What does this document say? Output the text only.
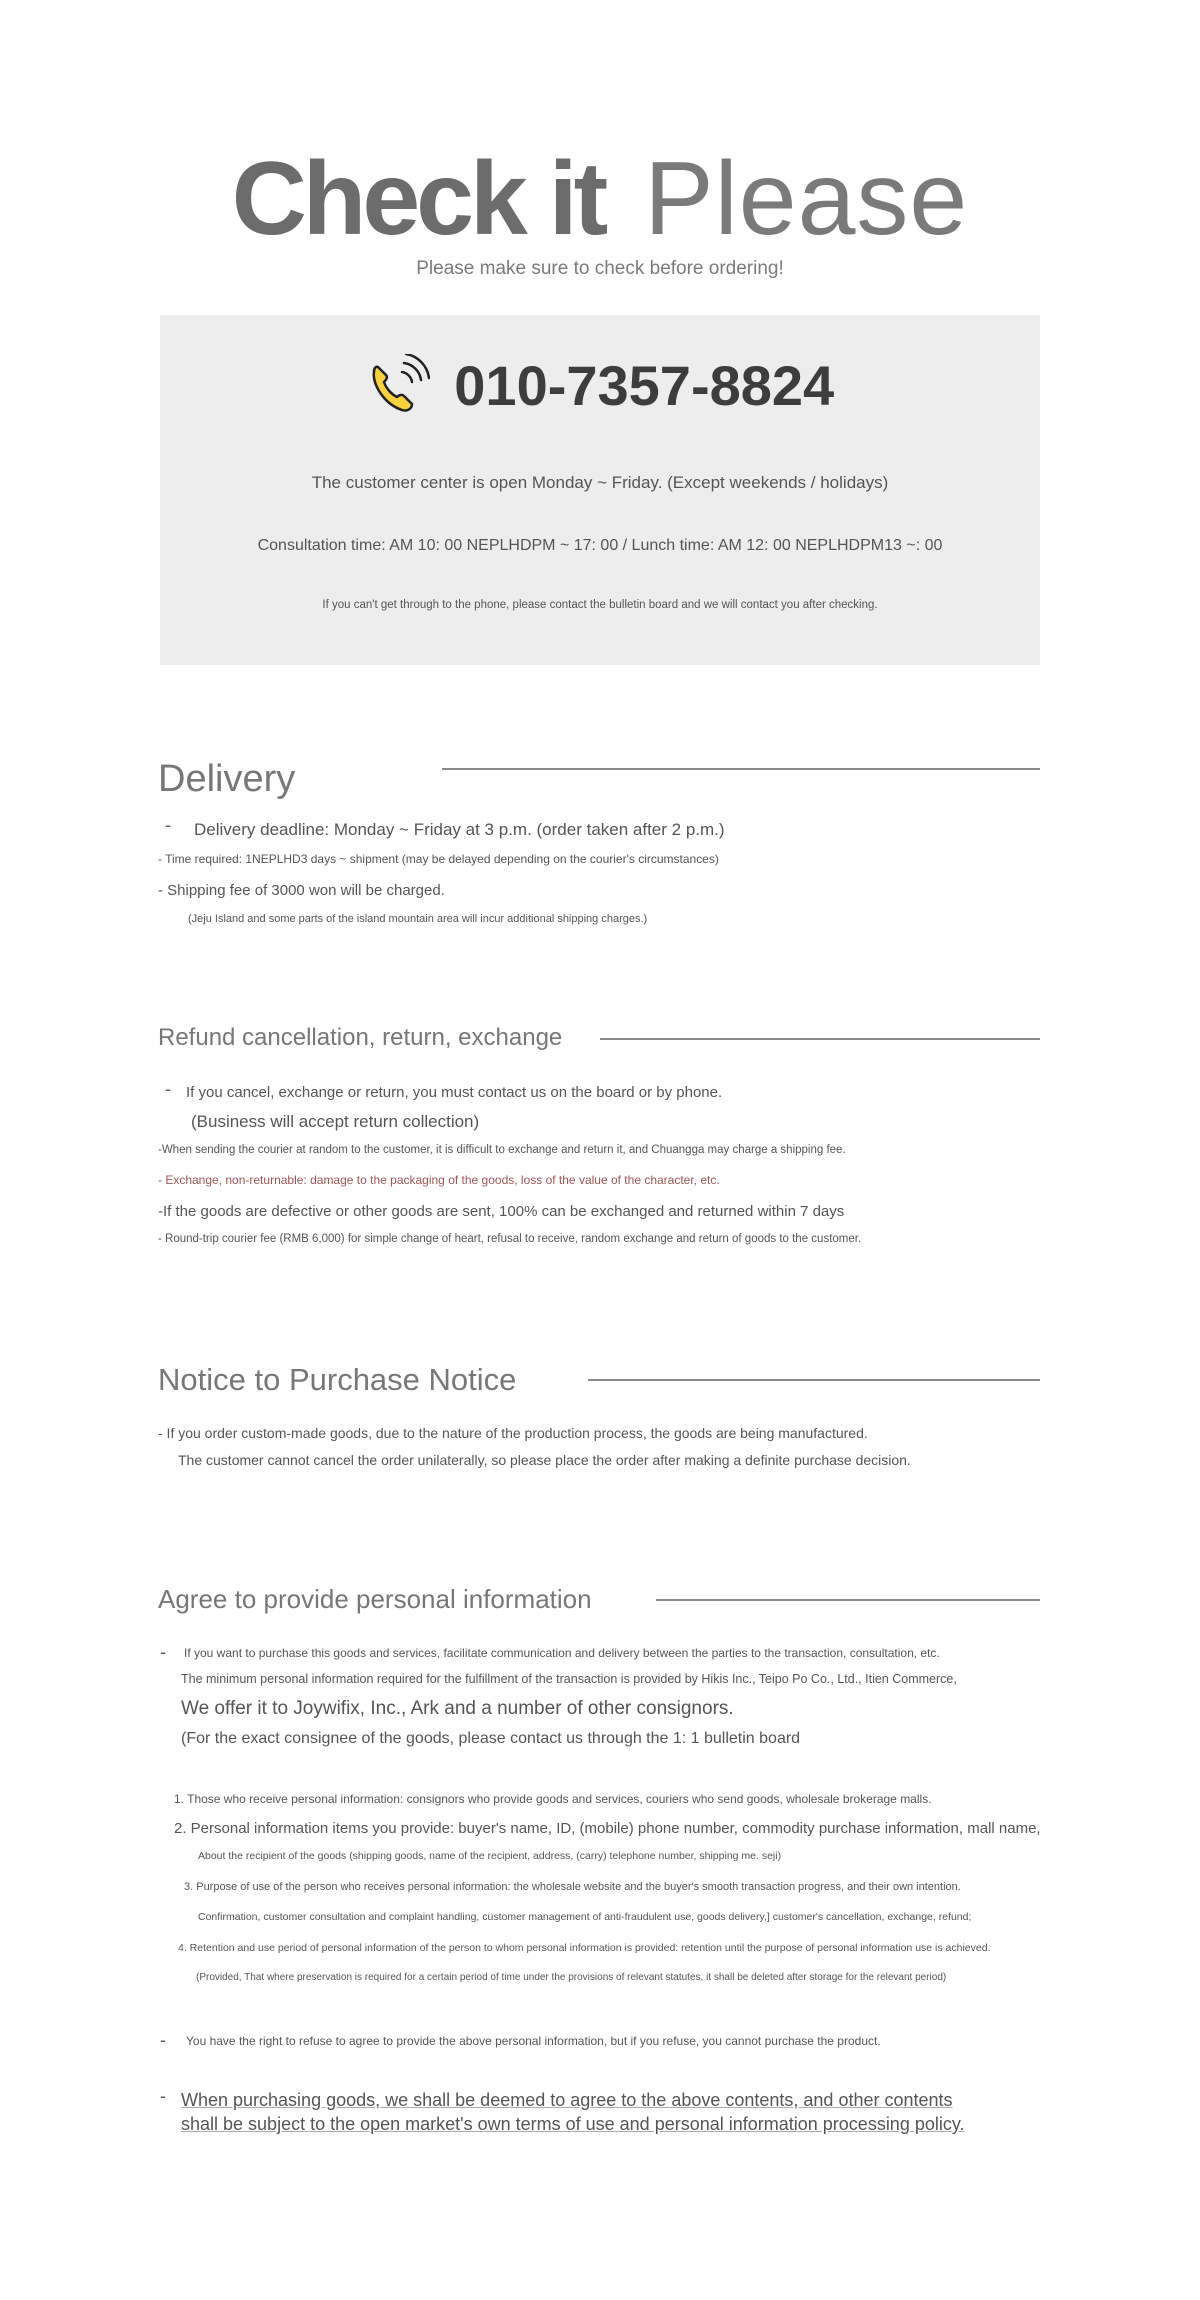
Check it Please
Please make sure to check before ordering!
010-7357-8824
The customer center is open Monday ~ Friday. (Except weekends / holidays)
Consultation time: AM 10: 00 NEPLHDPM ~ 17: 00 / Lunch time: AM 12: 00 NEPLHDPM13 ~: 00
If you can't get through to the phone, please contact the bulletin board and we will contact you after checking.
Delivery
- Delivery deadline: Monday ~ Friday at 3 p.m. (order taken after 2 p.m.)
- Time required: 1NEPLHD3 days ~ shipment (may be delayed depending on the courier's circumstances)
- Shipping fee of 3000 won will be charged.
(Jeju Island and some parts of the island mountain area will incur additional shipping charges.)
Refund cancellation, return, exchange
- If you cancel, exchange or return, you must contact us on the board or by phone.
(Business will accept return collection)
-When sending the courier at random to the customer, it is difficult to exchange and return it, and Chuangga may charge a shipping fee.
- Exchange, non-returnable: damage to the packaging of the goods, loss of the value of the character, etc.
-If the goods are defective or other goods are sent, 100% can be exchanged and returned within 7 days
- Round-trip courier fee (RMB 6,000) for simple change of heart, refusal to receive, random exchange and return of goods to the customer.
Notice to Purchase Notice
- If you order custom-made goods, due to the nature of the production process, the goods are being manufactured.
The customer cannot cancel the order unilaterally, so please place the order after making a definite purchase decision.
Agree to provide personal information
- If you want to purchase this goods and services, facilitate communication and delivery between the parties to the transaction, consultation, etc.
The minimum personal information required for the fulfillment of the transaction is provided by Hikis Inc., Teipo Po Co., Ltd., Itien Commerce,
We offer it to Joywifix, Inc., Ark and a number of other consignors.
(For the exact consignee of the goods, please contact us through the 1: 1 bulletin board
1. Those who receive personal information: consignors who provide goods and services, couriers who send goods, wholesale brokerage malls.
2. Personal information items you provide: buyer's name, ID, (mobile) phone number, commodity purchase information, mall name,
About the recipient of the goods (shipping goods, name of the recipient, address, (carry) telephone number, shipping me. seji)
3. Purpose of use of the person who receives personal information: the wholesale website and the buyer's smooth transaction progress, and their own intention.
Confirmation, customer consultation and complaint handling, customer management of anti-fraudulent use, goods delivery,] customer's cancellation, exchange, refund;
4. Retention and use period of personal information of the person to whom personal information is provided: retention until the purpose of personal information use is achieved.
(Provided, That where preservation is required for a certain period of time under the provisions of relevant statutes, it shall be deleted after storage for the relevant period)
- You have the right to refuse to agree to provide the above personal information, but if you refuse, you cannot purchase the product.
- When purchasing goods, we shall be deemed to agree to the above contents, and other contents
shall be subject to the open market's own terms of use and personal information processing policy.
